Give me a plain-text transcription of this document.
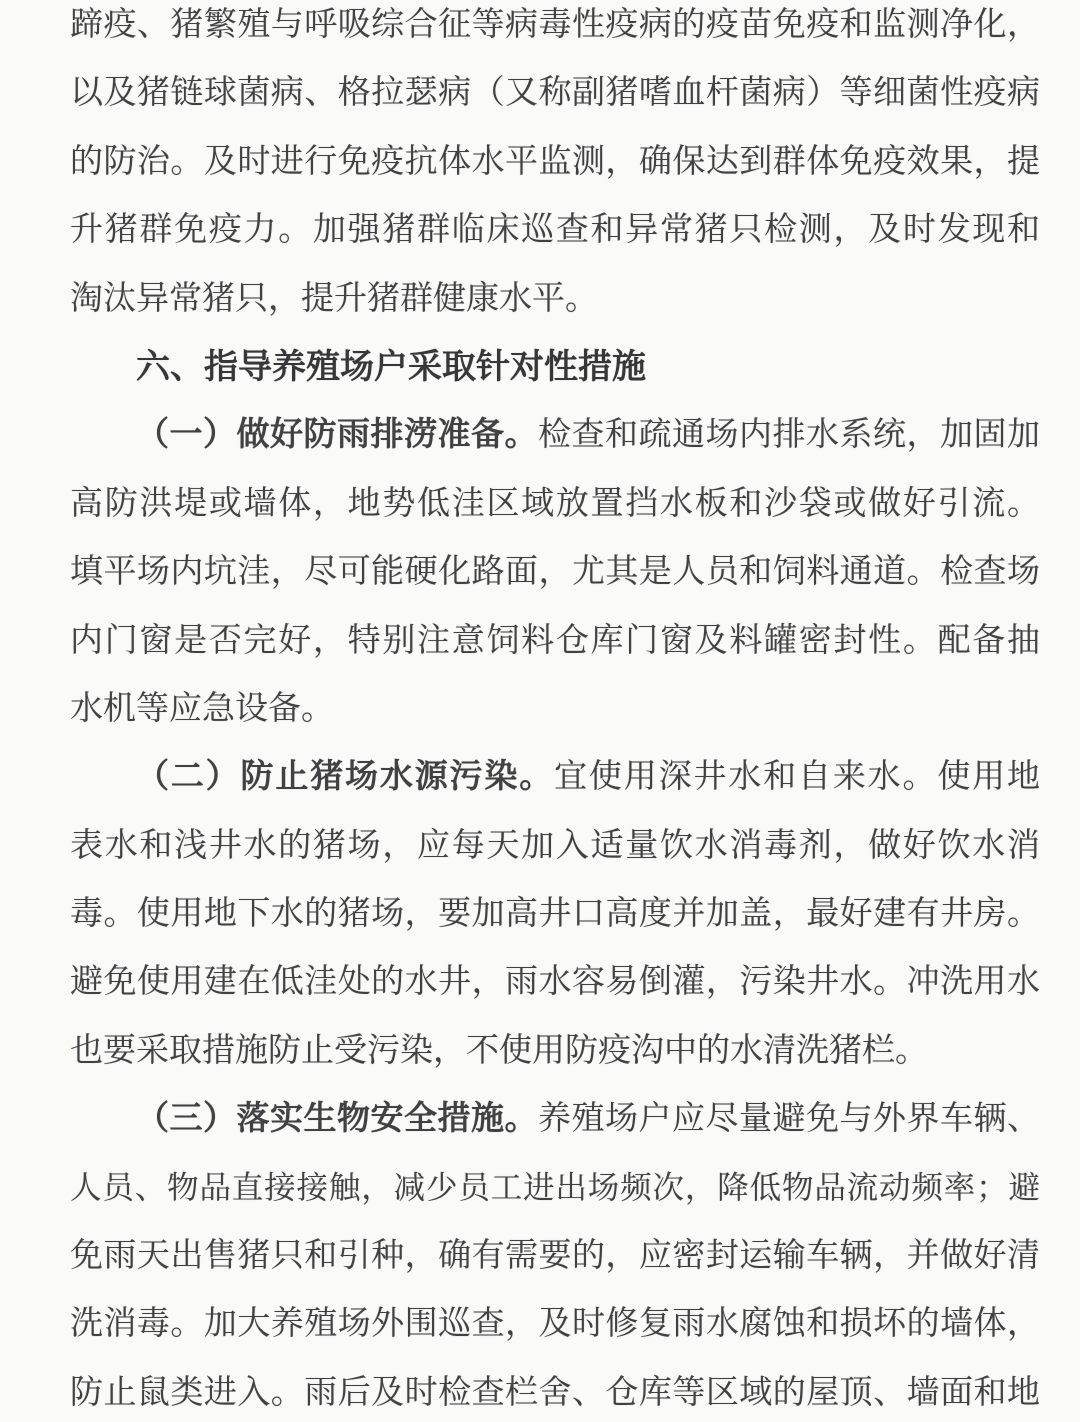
蹄疫、猪繁殖与呼吸综合征等病毒性疫病的疫苗免疫和监测净化，
以及猪链球菌病、格拉瑟病（又称副猪嗜血杆菌病）等细菌性疫病
的防治。及时进行免疫抗体水平监测，确保达到群体免疫效果，提
升猪群免疫力。加强猪群临床巡查和异常猪只检测，及时发现和
淘汰异常猪只，提升猪群健康水平。
六、指导养殖场户采取针对性措施
（一）做好防雨排涝准备。检查和疏通场内排水系统，加固加
高防洪堤或墙体，地势低洼区域放置挡水板和沙袋或做好引流。
填平场内坑洼，尽可能硬化路面，尤其是人员和饲料通道。检查场
内门窗是否完好，特别注意饲料仓库门窗及料罐密封性。配备抽
水机等应急设备。
（二）防止猪场水源污染。宜使用深井水和自来水。使用地
表水和浅井水的猪场，应每天加入适量饮水消毒剂，做好饮水消
毒。使用地下水的猪场，要加高井口高度并加盖，最好建有井房。
避免使用建在低洼处的水井，雨水容易倒灌，污染井水。冲洗用水
也要采取措施防止受污染，不使用防疫沟中的水清洗猪栏。
（三）落实生物安全措施。养殖场户应尽量避免与外界车辆、
人员、物品直接接触，减少员工进出场频次，降低物品流动频率；避
免雨天出售猪只和引种，确有需要的，应密封运输车辆，并做好清
洗消毒。加大养殖场外围巡查，及时修复雨水腐蚀和损坏的墙体，
防止鼠类进入。雨后及时检查栏舍、仓库等区域的屋顶、墙面和地
